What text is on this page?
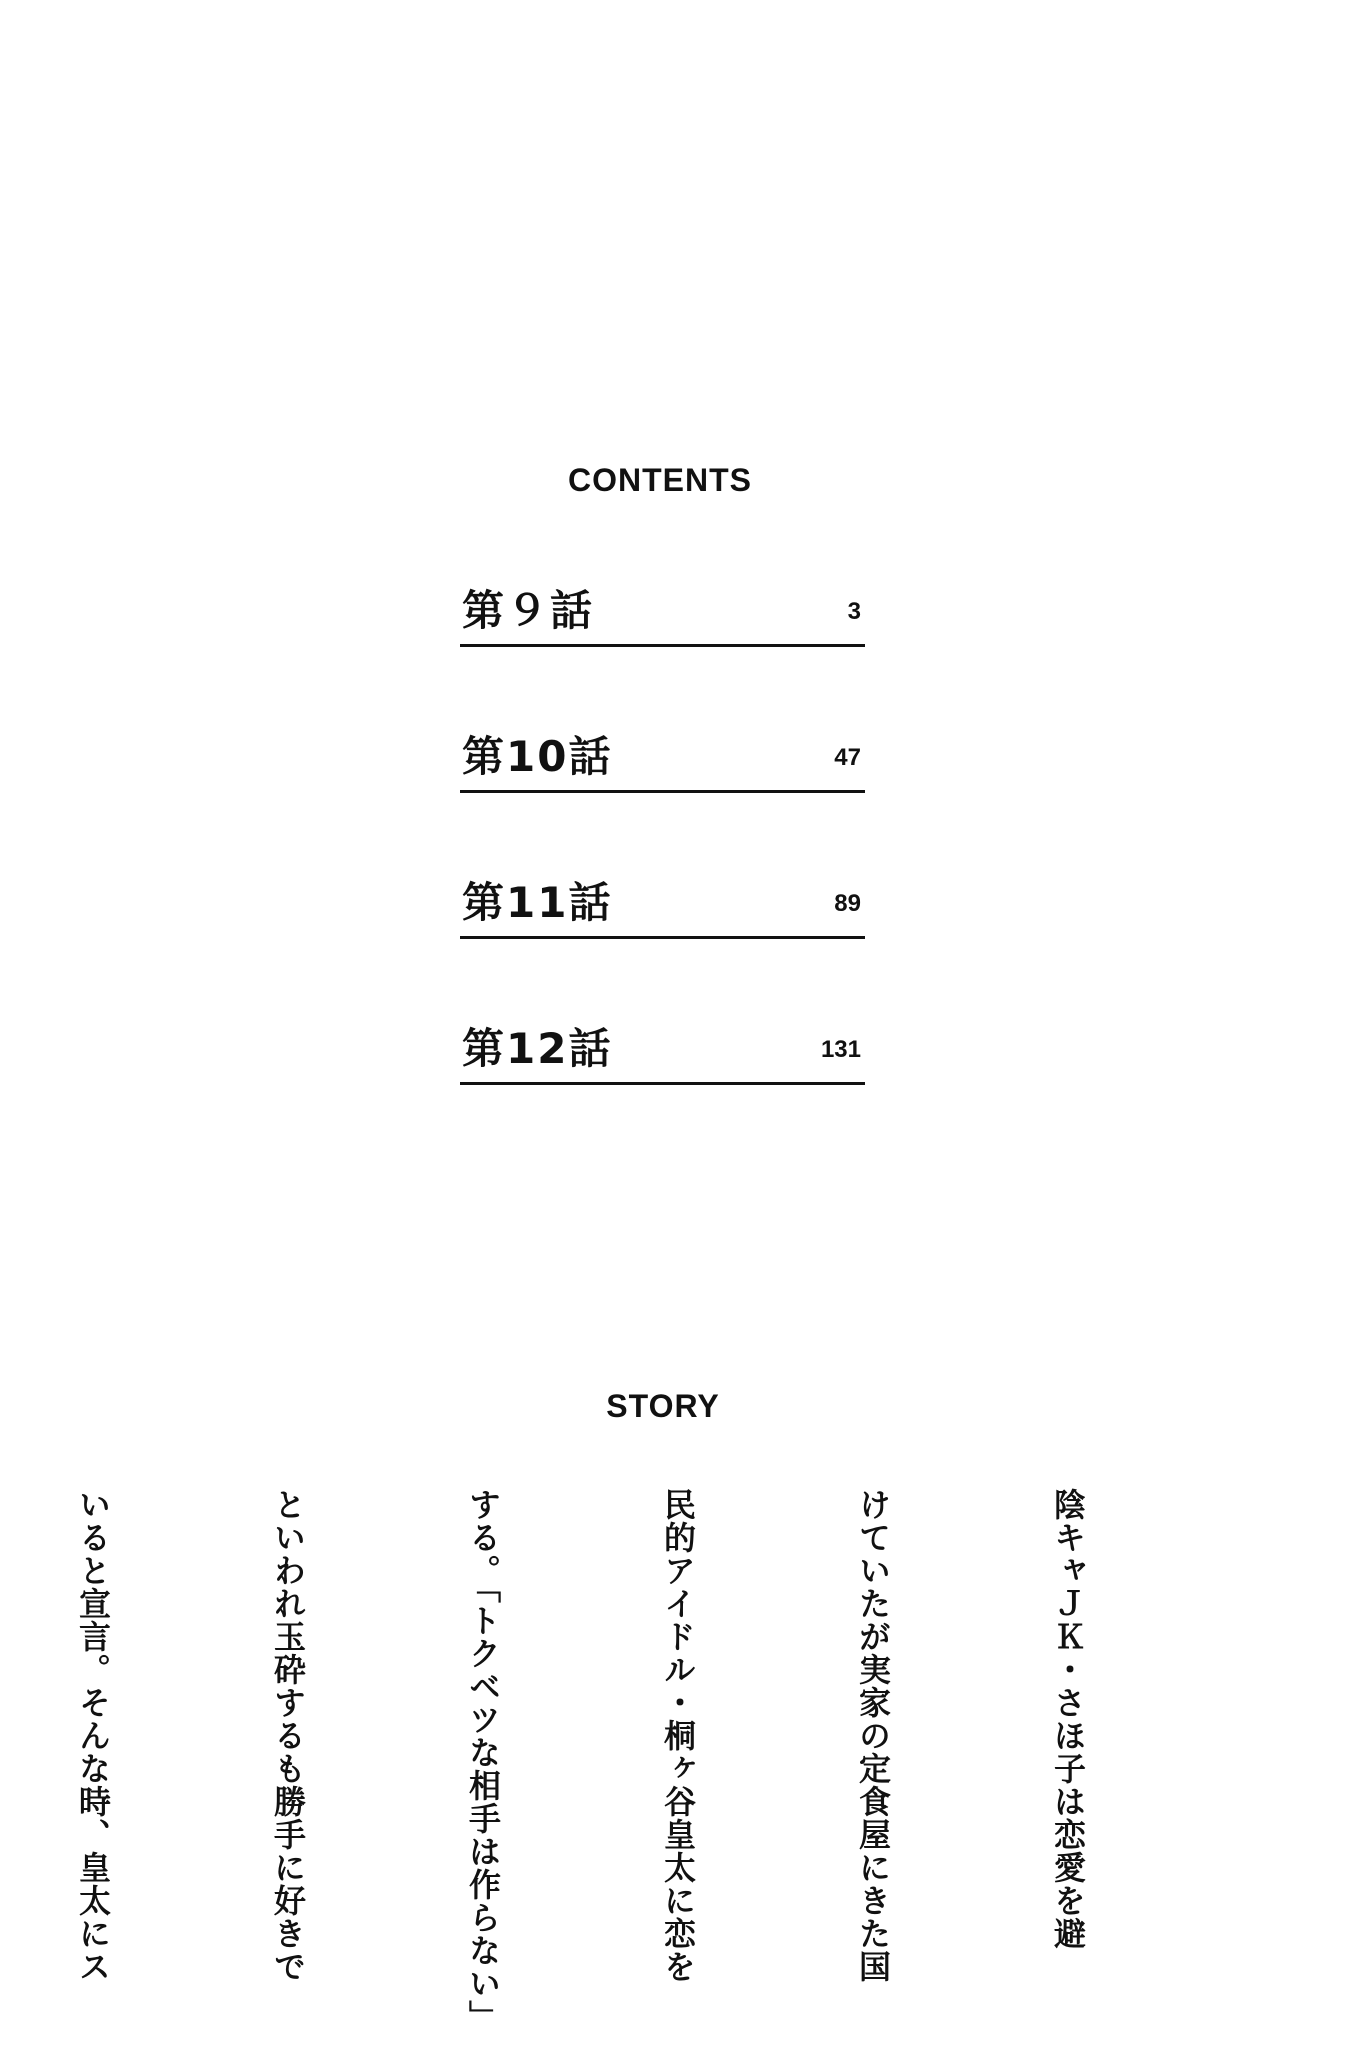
CONTENTS
第９話	3
第10話	47
第11話	89
第12話	131
STORY

陰キャＪＫ・さほ子は恋愛を避

けていたが実家の定食屋にきた国

民的アイドル・桐ヶ谷皇太に恋を

する。「トクベツな相手は作らない」

といわれ玉砕するも勝手に好きで

いると宣言。そんな時、皇太にス
